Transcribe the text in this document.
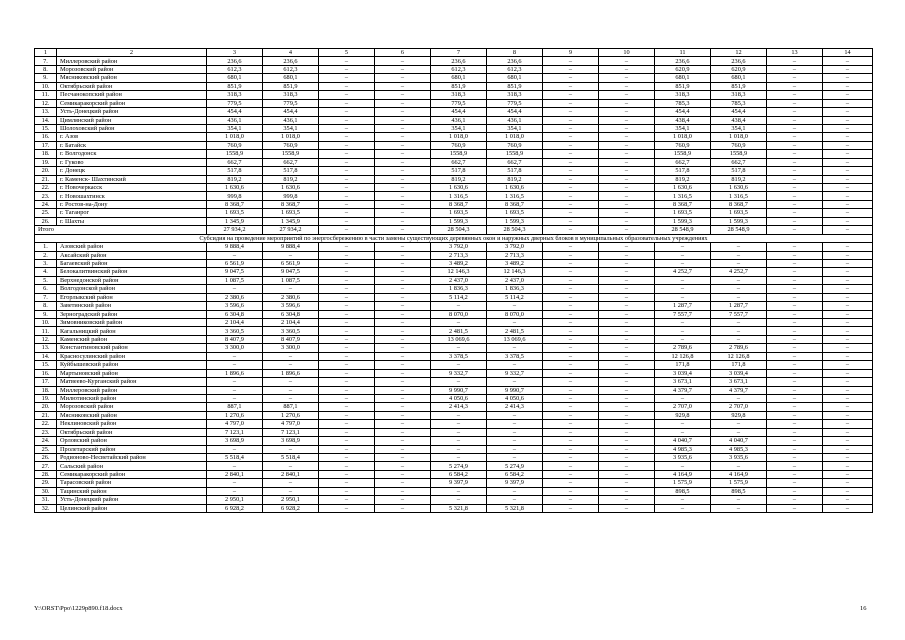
1	2	3	4	5	6	7	8	9	10	11	12	13	14
7.	Миллеровский район	236,6	236,6	–	–	236,6	236,6	–	–	236,6	236,6	–	–
8.	Морозовский район	612,3	612,3	–	–	612,3	612,3	–	–	620,9	620,9	–	–
9.	Мясниковский район	680,1	680,1	–	–	680,1	680,1	–	–	680,1	680,1	–	–
10.	Октябрьский район	851,9	851,9	–	–	851,9	851,9	–	–	851,9	851,9	–	–
11.	Песчанокопский район	318,3	318,3	–	–	318,3	318,3	–	–	318,3	318,3	–	–
12.	Семикаракорский район	779,5	779,5	–	–	779,5	779,5	–	–	785,3	785,3	–	–
13.	Усть-Донецкий район	454,4	454,4	–	–	454,4	454,4	–	–	454,4	454,4	–	–
14.	Цимлянский район	436,1	436,1	–	–	436,1	436,1	–	–	438,4	438,4	–	–
15.	Шолоховский район	354,1	354,1	–	–	354,1	354,1	–	–	354,1	354,1	–	–
16.	г. Азов	1 018,0	1 018,0	–	–	1 018,0	1 018,0	–	–	1 018,0	1 018,0	–	–
17.	г. Батайск	760,9	760,9	–	–	760,9	760,9	–	–	760,9	760,9	–	–
18.	г. Волгодонск	1558,9	1558,9	–	–	1558,9	1558,9	–	–	1558,9	1558,9	–	–
19.	г. Гуково	662,7	662,7	–	–	662,7	662,7	–	–	662,7	662,7	–	–
20.	г. Донецк	517,8	517,8	–	–	517,8	517,8	–	–	517,8	517,8	–	–
21.	г. Каменск- Шахтинский	819,2	819,2	–	–	819,2	819,2	–	–	819,2	819,2	–	–
22.	г. Новочеркасск	1 630,6	1 630,6	–	–	1 630,6	1 630,6	–	–	1 630,6	1 630,6	–	–
23.	г. Новошахтинск	999,8	999,8	–	–	1 316,5	1 316,5	–	–	1 316,5	1 316,5	–	–
24.	г. Ростов-на-Дону	8 368,7	8 368,7	–	–	8 368,7	8 368,7	–	–	8 368,7	8 368,7	–	–
25.	г. Таганрог	1 693,5	1 693,5	–	–	1 693,5	1 693,5	–	–	1 693,5	1 693,5	–	–
26.	г. Шахты	1 345,9	1 345,9	–	–	1 599,3	1 599,3	–	–	1 599,3	1 599,3	–	–
Итого		27 934,2	27 934,2	–	–	28 504,3	28 504,3	–	–	28 548,9	28 548,9	–	–
Субсидия на проведение мероприятий по энергосбережению в части замены существующих деревянных окон и наружных дверных блоков в муниципальных образовательных учреждениях													
1.	Азовский район	9 888,4	9 888,4	–	–	3 792,0	3 792,0	–	–	–	–	–	–
2.	Аксайский район	–	–	–	–	2 713,3	2 713,3	–	–	–	–	–	–
3.	Багаевский район	6 561,9	6 561,9	–	–	3 489,2	3 489,2	–	–	–	–	–	–
4.	Белокалитвинский район	9 047,5	9 047,5	–	–	12 146,3	12 146,3	–	–	4 252,7	4 252,7	–	–
5.	Верхнедонской район	1 087,5	1 087,5	–	–	2 437,0	2 437,0	–	–	–	–	–	–
6.	Волгодонской район	–	–	–	–	1 836,3	1 836,3	–	–	–	–	–	–
7.	Егорлыкский район	2 380,6	2 380,6	–	–	5 114,2	5 114,2	–	–	–	–	–	–
8.	Заветинский район	3 596,6	3 596,6	–	–	–	–	–	–	1 287,7	1 287,7	–	–
9.	Зерноградский район	6 304,8	6 304,8	–	–	8 070,0	8 070,0	–	–	7 557,7	7 557,7	–	–
10.	Зимовниковский район	2 104,4	2 104,4	–	–	–	–	–	–	–	–	–	–
11.	Кагальницкий район	3 360,5	3 360,5	–	–	2 481,5	2 481,5	–	–	–	–	–	–
12.	Каменский район	8 407,9	8 407,9	–	–	13 069,6	13 069,6	–	–	–	–	–	–
13.	Константиновский район	3 300,0	3 300,0	–	–	–	–	–	–	2 789,6	2 789,6	–	–
14.	Красносулинский район	–	–	–	–	3 378,5	3 378,5	–	–	12 126,8	12 126,8	–	–
15.	Куйбышевский район	–	–	–	–	–	–	–	–	171,8	171,8	–	–
16.	Мартыновский район	1 896,6	1 896,6	–	–	9 332,7	9 332,7	–	–	3 039,4	3 039,4	–	–
17.	Матвеево-Курганский район	–	–	–	–	–	–	–	–	3 673,1	3 673,1	–	–
18.	Миллеровский район	–	–	–	–	9 990,7	9 990,7	–	–	4 379,7	4 379,7	–	–
19.	Милютинский район	–	–	–	–	4 050,6	4 050,6	–	–	–	–	–	–
20.	Морозовский район	887,1	887,1	–	–	2 414,3	2 414,3	–	–	2 707,0	2 707,0	–	–
21.	Мясниковский район	1 270,6	1 270,6	–	–	–	–	–	–	929,8	929,8	–	–
22.	Неклиновский район	4 797,0	4 797,0	–	–	–	–	–	–	–	–	–	–
23.	Октябрьский район	7 123,1	7 123,1	–	–	–	–	–	–	–	–	–	–
24.	Орловский район	3 698,9	3 698,9	–	–	–	–	–	–	4 040,7	4 040,7	–	–
25.	Пролетарский район	–	–	–	–	–	–	–	–	4 985,3	4 985,3	–	–
26.	Родионово-Несветайский район	5 518,4	5 518,4	–	–	–	–	–	–	3 935,6	3 935,6	–	–
27.	Сальский район	–	–	–	–	5 274,9	5 274,9	–	–	–	–	–	–
28.	Семикаракорский район	2 840,1	2 840,1	–	–	6 584,2	6 584,2	–	–	4 164,9	4 164,9	–	–
29.	Тарасовский район	–	–	–	–	9 397,9	9 397,9	–	–	1 575,9	1 575,9	–	–
30.	Тацинский район	–	–	–	–	–	–	–	–	898,5	898,5	–	–
31.	Усть-Донецкий район	2 950,1	2 950,1	–	–	–	–	–	–	–	–	–	–
32.	Целинский район	6 928,2	6 928,2	–	–	5 321,8	5 321,8	–	–	–	–	–	–
Y:\ORST\Ppo\1229p890.f18.docx	16
